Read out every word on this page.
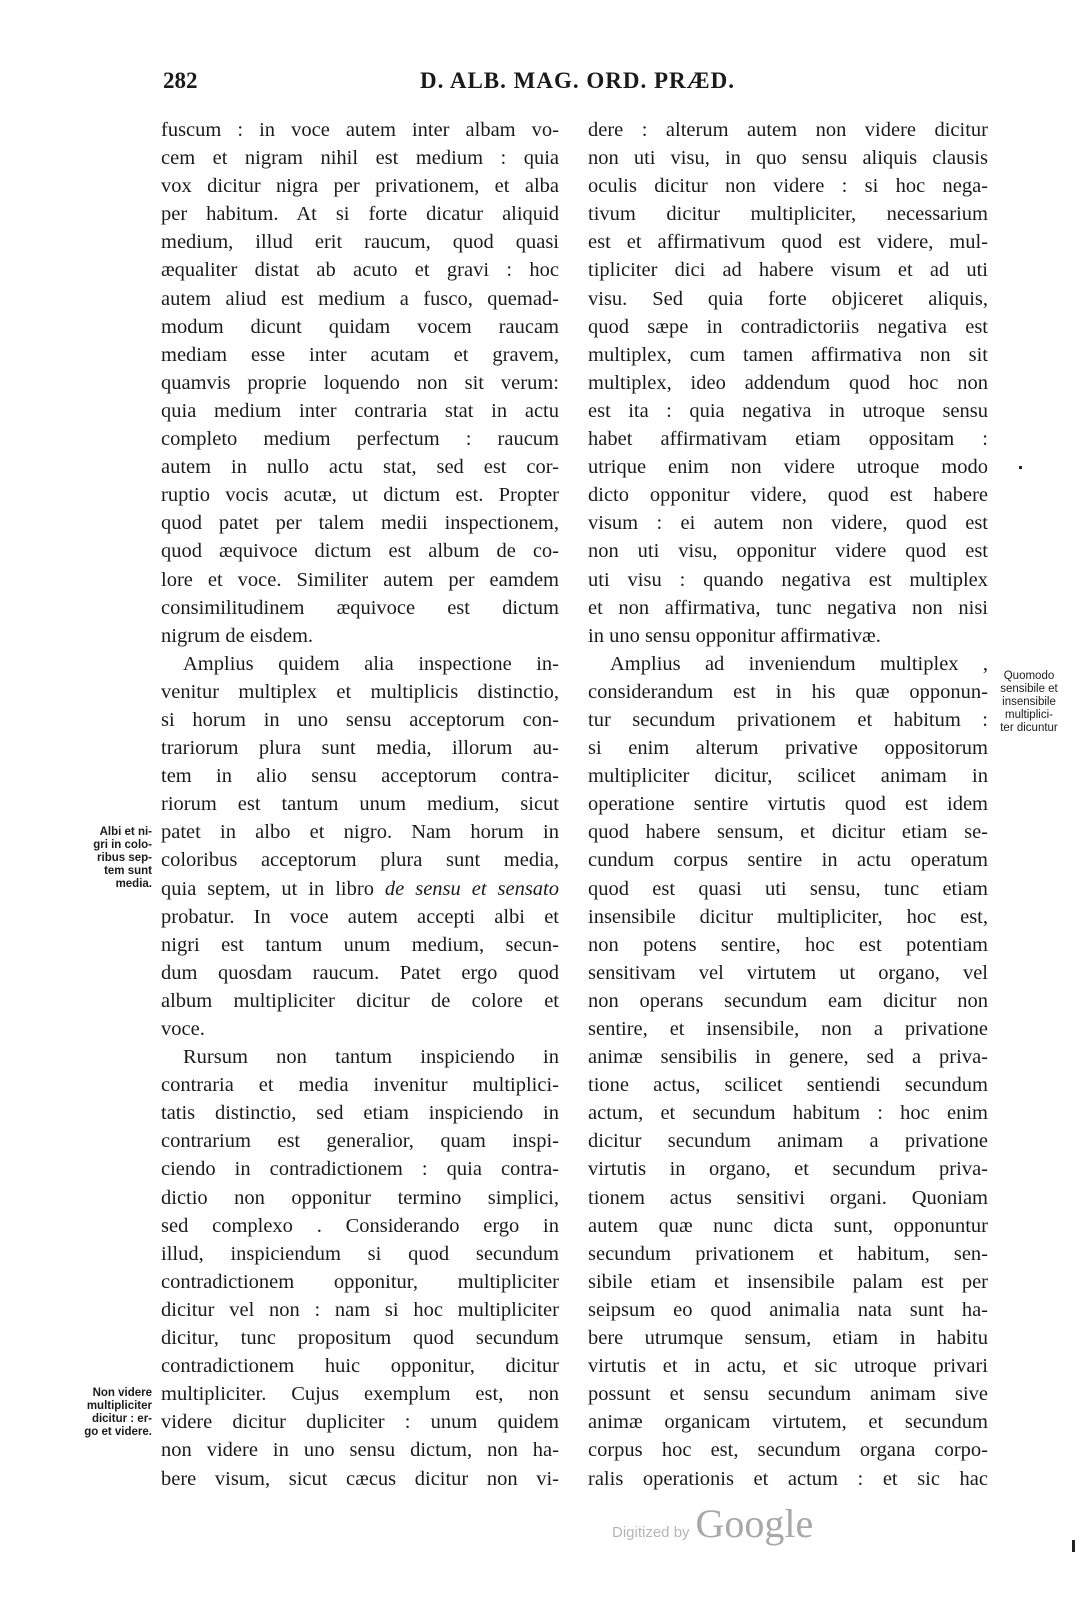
282	D. ALB. MAG. ORD. PRÆD.
fuscum : in voce autem inter albam vo-
cem et nigram nihil est medium : quia
vox dicitur nigra per privationem, et alba
per habitum. At si forte dicatur aliquid
medium, illud erit raucum, quod quasi
æqualiter distat ab acuto et gravi : hoc
autem aliud est medium a fusco, quemad-
modum dicunt quidam vocem raucam
mediam esse inter acutam et gravem,
quamvis proprie loquendo non sit verum:
quia medium inter contraria stat in actu
completo medium perfectum : raucum
autem in nullo actu stat, sed est cor-
ruptio vocis acutæ, ut dictum est. Propter
quod patet per talem medii inspectionem,
quod æquivoce dictum est album de co-
lore et voce. Similiter autem per eamdem
consimilitudinem æquivoce est dictum
nigrum de eisdem.
Amplius quidem alia inspectione in-
venitur multiplex et multiplicis distinctio,
si horum in uno sensu acceptorum con-
trariorum plura sunt media, illorum au-
tem in alio sensu acceptorum contra-
riorum est tantum unum medium, sicut
patet in albo et nigro. Nam horum in
coloribus acceptorum plura sunt media,
quia septem, ut in libro de sensu et sensato
probatur. In voce autem accepti albi et
nigri est tantum unum medium, secun-
dum quosdam raucum. Patet ergo quod
album multipliciter dicitur de colore et
voce.
Rursum non tantum inspiciendo in
contraria et media invenitur multiplici-
tatis distinctio, sed etiam inspiciendo in
contrarium est generalior, quam inspi-
ciendo in contradictionem : quia contra-
dictio non opponitur termino simplici,
sed complexo . Considerando ergo in
illud, inspiciendum si quod secundum
contradictionem opponitur, multipliciter
dicitur vel non : nam si hoc multipliciter
dicitur, tunc propositum quod secundum
contradictionem huic opponitur, dicitur
multipliciter. Cujus exemplum est, non
videre dicitur dupliciter : unum quidem
non videre in uno sensu dictum, non ha-
bere visum, sicut cæcus dicitur non vi-
dere : alterum autem non videre dicitur
non uti visu, in quo sensu aliquis clausis
oculis dicitur non videre : si hoc nega-
tivum dicitur multipliciter, necessarium
est et affirmativum quod est videre, mul-
tipliciter dici ad habere visum et ad uti
visu. Sed quia forte objiceret aliquis,
quod sæpe in contradictoriis negativa est
multiplex, cum tamen affirmativa non sit
multiplex, ideo addendum quod hoc non
est ita : quia negativa in utroque sensu
habet affirmativam etiam oppositam :
utrique enim non videre utroque modo
dicto opponitur videre, quod est habere
visum : ei autem non videre, quod est
non uti visu, opponitur videre quod est
uti visu : quando negativa est multiplex
et non affirmativa, tunc negativa non nisi
in uno sensu opponitur affirmativæ.
Amplius ad inveniendum multiplex ,
considerandum est in his quæ opponun-
tur secundum privationem et habitum :
si enim alterum privative oppositorum
multipliciter dicitur, scilicet animam in
operatione sentire virtutis quod est idem
quod habere sensum, et dicitur etiam se-
cundum corpus sentire in actu operatum
quod est quasi uti sensu, tunc etiam
insensibile dicitur multipliciter, hoc est,
non potens sentire, hoc est potentiam
sensitivam vel virtutem ut organo, vel
non operans secundum eam dicitur non
sentire, et insensibile, non a privatione
animæ sensibilis in genere, sed a priva-
tione actus, scilicet sentiendi secundum
actum, et secundum habitum : hoc enim
dicitur secundum animam a privatione
virtutis in organo, et secundum priva-
tionem actus sensitivi organi. Quoniam
autem quæ nunc dicta sunt, opponuntur
secundum privationem et habitum, sen-
sibile etiam et insensibile palam est per
seipsum eo quod animalia nata sunt ha-
bere utrumque sensum, etiam in habitu
virtutis et in actu, et sic utroque privari
possunt et sensu secundum animam sive
animæ organicam virtutem, et secundum
corpus hoc est, secundum organa corpo-
ralis operationis et actum : et sic hac
Albi et ni-
gri in colo-
ribus sep-
tem sunt
media.
Non videre
multipliciter
dicitur : er-
go et videre.
Quomodo
sensibile et
insensibile
multiplici-
ter dicuntur
Digitized by Google
